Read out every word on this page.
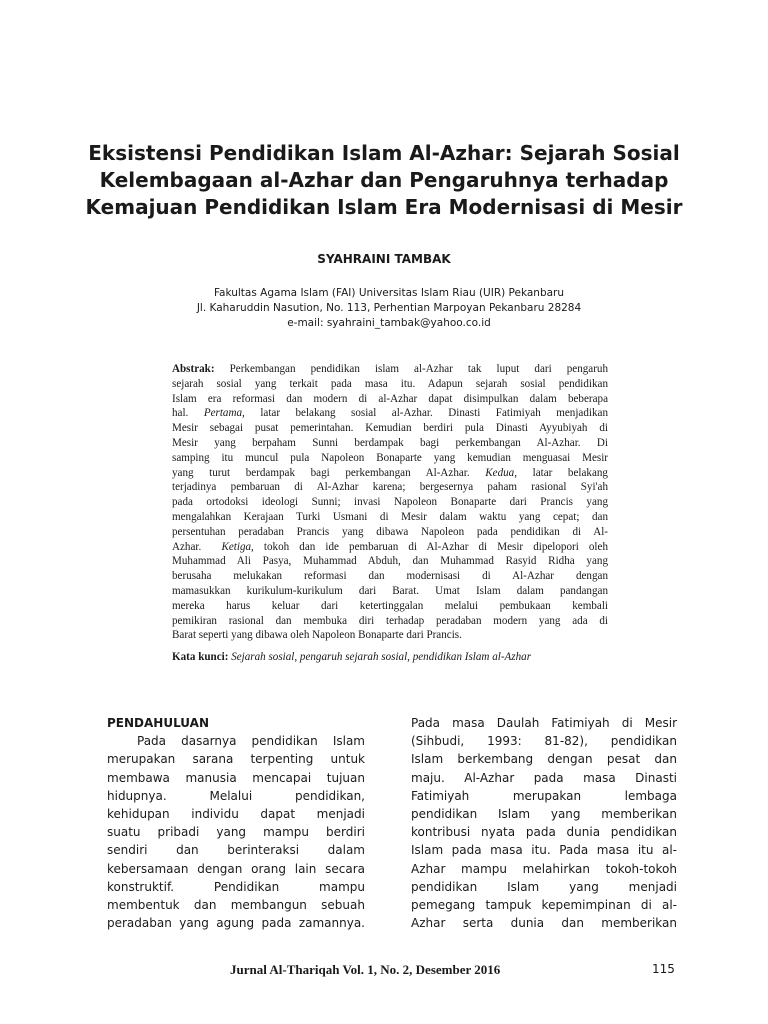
Eksistensi Pendidikan Islam Al-Azhar: Sejarah Sosial
Kelembagaan al-Azhar dan Pengaruhnya terhadap
Kemajuan Pendidikan Islam Era Modernisasi di Mesir
SYAHRAINI TAMBAK
Fakultas Agama Islam (FAI) Universitas Islam Riau (UIR) Pekanbaru
Jl. Kaharuddin Nasution, No. 113, Perhentian Marpoyan Pekanbaru 28284
e-mail: syahraini_tambak@yahoo.co.id

Abstrak: Perkembangan pendidikan islam al-Azhar tak luput dari pengaruh
sejarah sosial yang terkait pada masa itu. Adapun sejarah sosial pendidikan
Islam era reformasi dan modern di al-Azhar dapat disimpulkan dalam beberapa
hal. Pertama, latar belakang sosial al-Azhar. Dinasti Fatimiyah menjadikan
Mesir sebagai pusat pemerintahan. Kemudian berdiri pula Dinasti Ayyubiyah di
Mesir yang berpaham Sunni berdampak bagi perkembangan Al-Azhar. Di
samping itu muncul pula Napoleon Bonaparte yang kemudian menguasai Mesir
yang turut berdampak bagi perkembangan Al-Azhar. Kedua, latar belakang
terjadinya pembaruan di Al-Azhar karena; bergesernya paham rasional Syi'ah
pada ortodoksi ideologi Sunni; invasi Napoleon Bonaparte dari Prancis yang
mengalahkan Kerajaan Turki Usmani di Mesir dalam waktu yang cepat; dan
persentuhan peradaban Prancis yang dibawa Napoleon pada pendidikan di Al-
Azhar. Ketiga, tokoh dan ide pembaruan di Al-Azhar di Mesir dipelopori oleh
Muhammad Ali Pasya, Muhammad Abduh, dan Muhammad Rasyid Ridha yang
berusaha melukakan reformasi dan modernisasi di Al-Azhar dengan
mamasukkan kurikulum-kurikulum dari Barat. Umat Islam dalam pandangan
mereka harus keluar dari ketertinggalan melalui pembukaan kembali
pemikiran rasional dan membuka diri terhadap peradaban modern yang ada di
Barat seperti yang dibawa oleh Napoleon Bonaparte dari Prancis.

Kata kunci: Sejarah sosial, pengaruh sejarah sosial, pendidikan Islam al-Azhar
PENDAHULUAN
Pada dasarnya pendidikan Islam
merupakan sarana terpenting untuk
membawa manusia mencapai tujuan
hidupnya. Melalui pendidikan,
kehidupan individu dapat menjadi
suatu pribadi yang mampu berdiri
sendiri dan berinteraksi dalam
kebersamaan dengan orang lain secara
konstruktif. Pendidikan mampu
membentuk dan membangun sebuah
peradaban yang agung pada zamannya.
Pada masa Daulah Fatimiyah di Mesir
(Sihbudi, 1993: 81-82), pendidikan
Islam berkembang dengan pesat dan
maju. Al-Azhar pada masa Dinasti
Fatimiyah merupakan lembaga
pendidikan Islam yang memberikan
kontribusi nyata pada dunia pendidikan
Islam pada masa itu. Pada masa itu al-
Azhar mampu melahirkan tokoh-tokoh
pendidikan Islam yang menjadi
pemegang tampuk kepemimpinan di al-
Azhar serta dunia dan memberikan
Jurnal Al-Thariqah Vol. 1, No. 2, Desember 2016	115
